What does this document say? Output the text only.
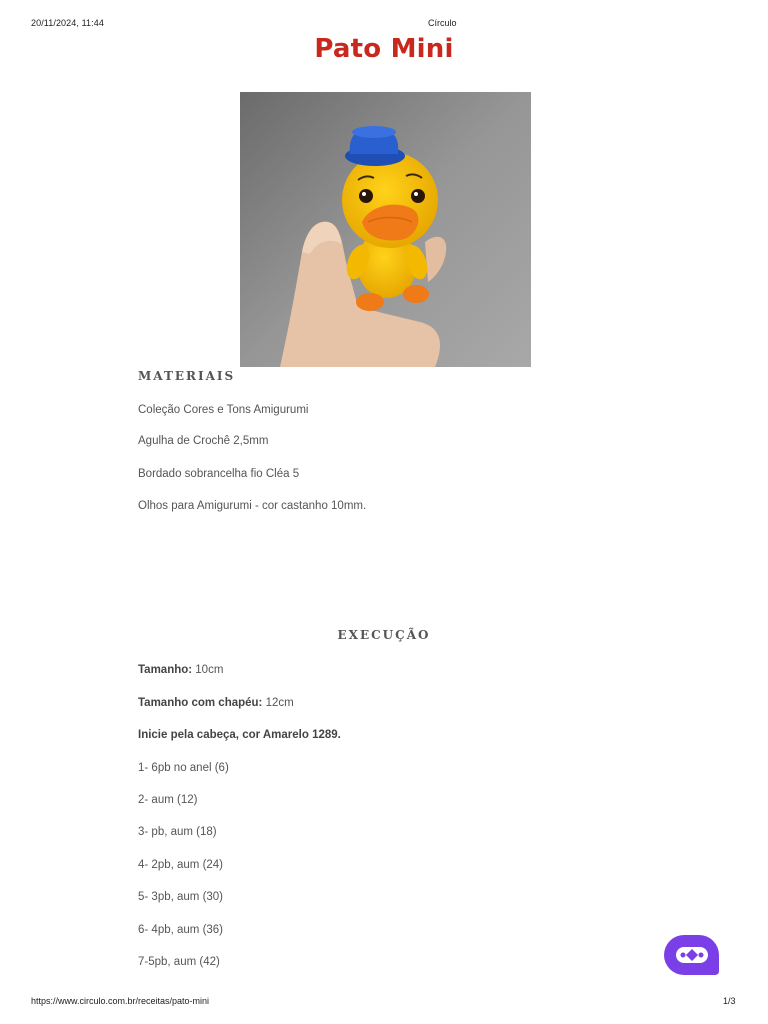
20/11/2024, 11:44	Círculo
Pato Mini
MATERIAIS
Coleção Cores e Tons Amigurumi
Agulha de Crochê 2,5mm
Bordado sobrancelha fio Cléa 5
Olhos para Amigurumi - cor castanho 10mm.
EXECUÇÃO
Tamanho: 10cm
Tamanho com chapéu: 12cm
Inicie pela cabeça, cor Amarelo 1289.
1- 6pb no anel (6)
2- aum (12)
3- pb, aum (18)
4- 2pb, aum (24)
5- 3pb, aum (30)
6- 4pb, aum (36)
7-5pb, aum (42)
https://www.circulo.com.br/receitas/pato-mini	1/3
